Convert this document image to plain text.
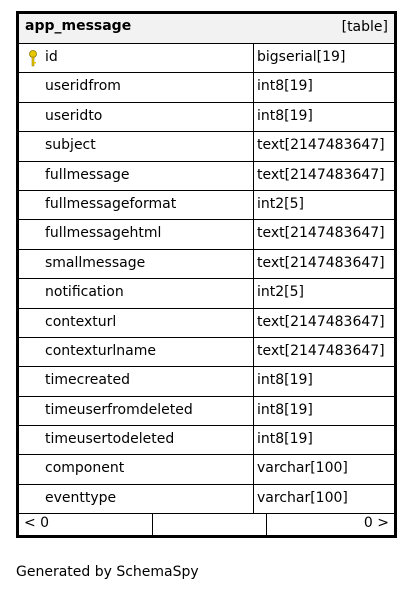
app_message	[table]
id	bigserial[19]
useridfrom	int8[19]
useridto	int8[19]
subject	text[2147483647]
fullmessage	text[2147483647]
fullmessageformat	int2[5]
fullmessagehtml	text[2147483647]
smallmessage	text[2147483647]
notification	int2[5]
contexturl	text[2147483647]
contexturlname	text[2147483647]
timecreated	int8[19]
timeuserfromdeleted	int8[19]
timeusertodeleted	int8[19]
component	varchar[100]
eventtype	varchar[100]
< 0	0 >
Generated by SchemaSpy
